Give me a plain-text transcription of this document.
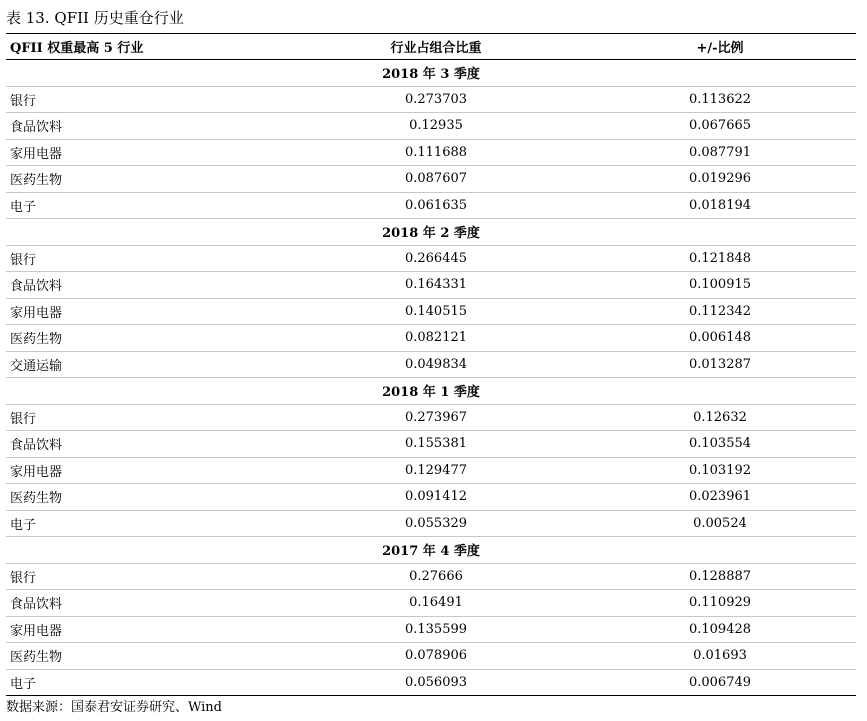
表 13. QFII 历史重仓行业
QFII 权重最高 5 行业	行业占组合比重	+/-比例
2018 年 3 季度
银行	0.273703	0.113622
食品饮料	0.12935	0.067665
家用电器	0.111688	0.087791
医药生物	0.087607	0.019296
电子	0.061635	0.018194
2018 年 2 季度
银行	0.266445	0.121848
食品饮料	0.164331	0.100915
家用电器	0.140515	0.112342
医药生物	0.082121	0.006148
交通运输	0.049834	0.013287
2018 年 1 季度
银行	0.273967	0.12632
食品饮料	0.155381	0.103554
家用电器	0.129477	0.103192
医药生物	0.091412	0.023961
电子	0.055329	0.00524
2017 年 4 季度
银行	0.27666	0.128887
食品饮料	0.16491	0.110929
家用电器	0.135599	0.109428
医药生物	0.078906	0.01693
电子	0.056093	0.006749
数据来源：国泰君安证券研究、Wind
